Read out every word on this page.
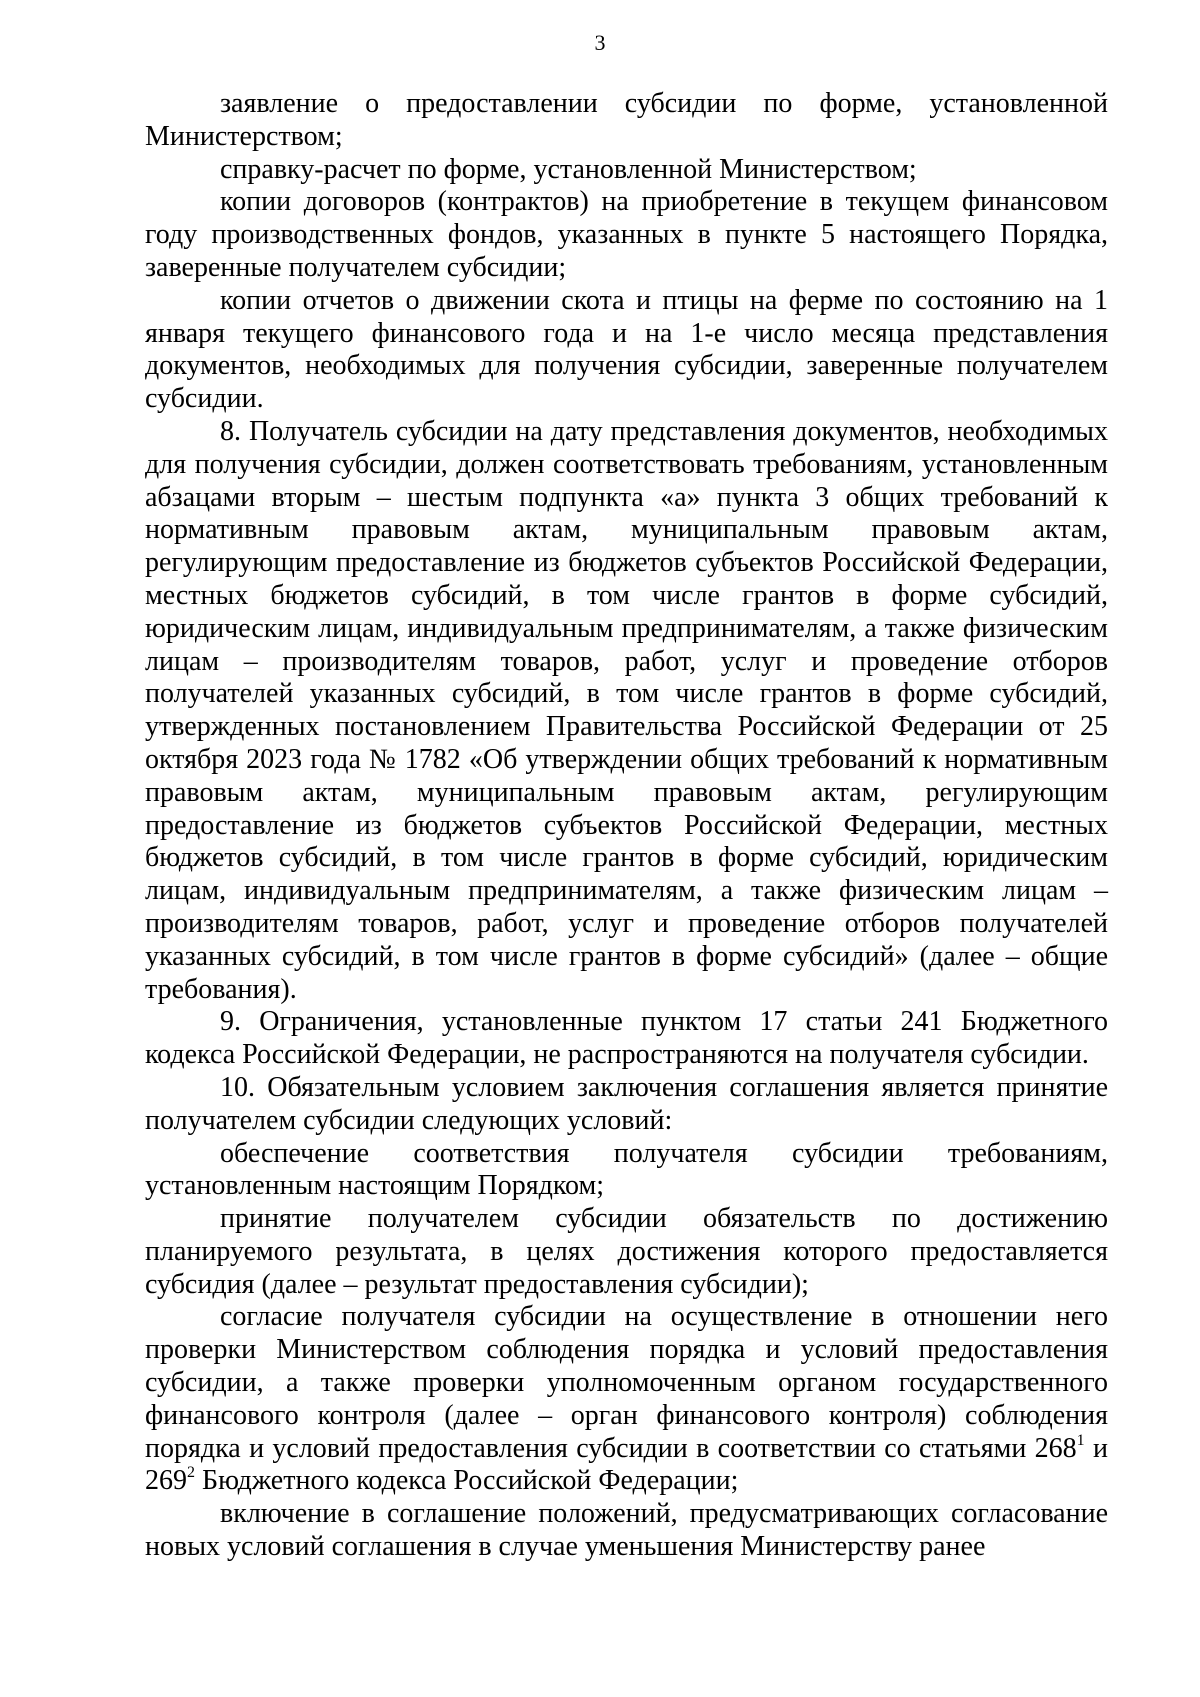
3

заявление о предоставлении субсидии по форме, установленной Министерством;

справку-расчет по форме, установленной Министерством;

копии договоров (контрактов) на приобретение в текущем финансовом году производственных фондов, указанных в пункте 5 настоящего Порядка, заверенные получателем субсидии;

копии отчетов о движении скота и птицы на ферме по состоянию на 1 января текущего финансового года и на 1-е число месяца представления документов, необходимых для получения субсидии, заверенные получателем субсидии.

8. Получатель субсидии на дату представления документов, необходимых для получения субсидии, должен соответствовать требованиям, установленным абзацами вторым – шестым подпункта «а» пункта 3 общих требований к нормативным правовым актам, муниципальным правовым актам, регулирующим предоставление из бюджетов субъектов Российской Федерации, местных бюджетов субсидий, в том числе грантов в форме субсидий, юридическим лицам, индивидуальным предпринимателям, а также физическим лицам – производителям товаров, работ, услуг и проведение отборов получателей указанных субсидий, в том числе грантов в форме субсидий, утвержденных постановлением Правительства Российской Федерации от 25 октября 2023 года № 1782 «Об утверждении общих требований к нормативным правовым актам, муниципальным правовым актам, регулирующим предоставление из бюджетов субъектов Российской Федерации, местных бюджетов субсидий, в том числе грантов в форме субсидий, юридическим лицам, индивидуальным предпринимателям, а также физическим лицам – производителям товаров, работ, услуг и проведение отборов получателей указанных субсидий, в том числе грантов в форме субсидий» (далее – общие требования).

9. Ограничения, установленные пунктом 17 статьи 241 Бюджетного кодекса Российской Федерации, не распространяются на получателя субсидии.

10. Обязательным условием заключения соглашения является принятие получателем субсидии следующих условий:

обеспечение соответствия получателя субсидии требованиям, установленным настоящим Порядком;

принятие получателем субсидии обязательств по достижению планируемого результата, в целях достижения которого предоставляется субсидия (далее – результат предоставления субсидии);

согласие получателя субсидии на осуществление в отношении него проверки Министерством соблюдения порядка и условий предоставления субсидии, а также проверки уполномоченным органом государственного финансового контроля (далее – орган финансового контроля) соблюдения порядка и условий предоставления субсидии в соответствии со статьями $268^1$ и $269^2$ Бюджетного кодекса Российской Федерации;

включение в соглашение положений, предусматривающих согласование новых условий соглашения в случае уменьшения Министерству ранее
